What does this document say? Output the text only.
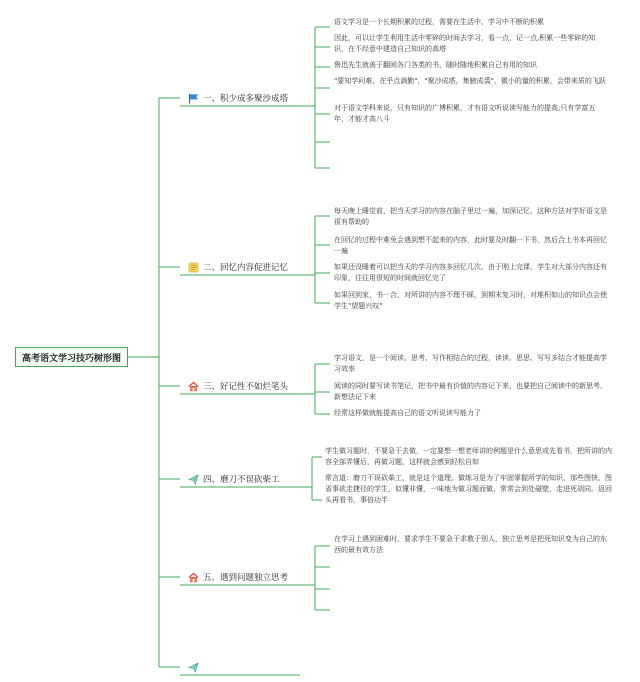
高考语文学习技巧树形图
一、积少成多聚沙成塔
语文学习是一个长期积累的过程，需要在生活中、学习中不断的积累
因此，可以让学生利用生活中零碎的时间去学习，看一点，记一点,积累一些零碎的知识，在不经意中建造自己知识的高塔
鲁迅先生就善于翻阅各门各类的书，随时随地积累自己有用的知识
"要知学问难，在乎点滴勤"，"聚沙成塔，集腋成裘"，微小的量的积累，会带来质的飞跃
对于语文学科来说，只有知识的广博积累，才有语文听说读写能力的提高;只有学富五年，才能才高八斗
二、回忆内容促进记忆
每天晚上睡觉前，把当天学习的内容在脑子里过一遍，加深记忆，这种方法对学好语文是很有帮助的
在回忆的过程中难免会遇到想不起来的内容，此时要及时翻一下书，然后合上书本再回忆一遍
如果还没睡着可以把当天的学习内容多回忆几次。由于刚上完课，学生对大部分内容还有印象，往往用很短的时间就回忆完了
如果回到家，书一合，对所讲的内容不理不睬，到期末复习时，对堆积如山的知识点会使学生"望题兴叹"
三、好记性不如烂笔头
学习语文，是一个阅读、思考、写作相结合的过程，读读、思思、写写多结合才能提高学习效率
阅读的同时要写读书笔记，把书中最有价值的内容记下来，也要把自己阅读中的新思考、新想法记下来
经常这样做就能提高自己的语文听说读写能力了
四、磨刀不误砍柴工
学生做习题时，不要急于去做，一定要想一想老师讲的例题是什么意思或先看书，把所讲的内容全部弄懂后，再做习题，这样就会感到轻松自如
常言道：磨刀不误砍柴工，就是这个道理。做练习是为了牢固掌握所学的知识，那些图快、图省事欲走捷径的学生，似懂非懂，一味地为做习题而做，常常会到处碰壁，走进死胡同。返回头再看书，事倍功半
五、遇到问题独立思考
在学习上遇到困难时，要求学生不要急于求教于别人，独立思考是把死知识变为自己的东西的最有效方法
